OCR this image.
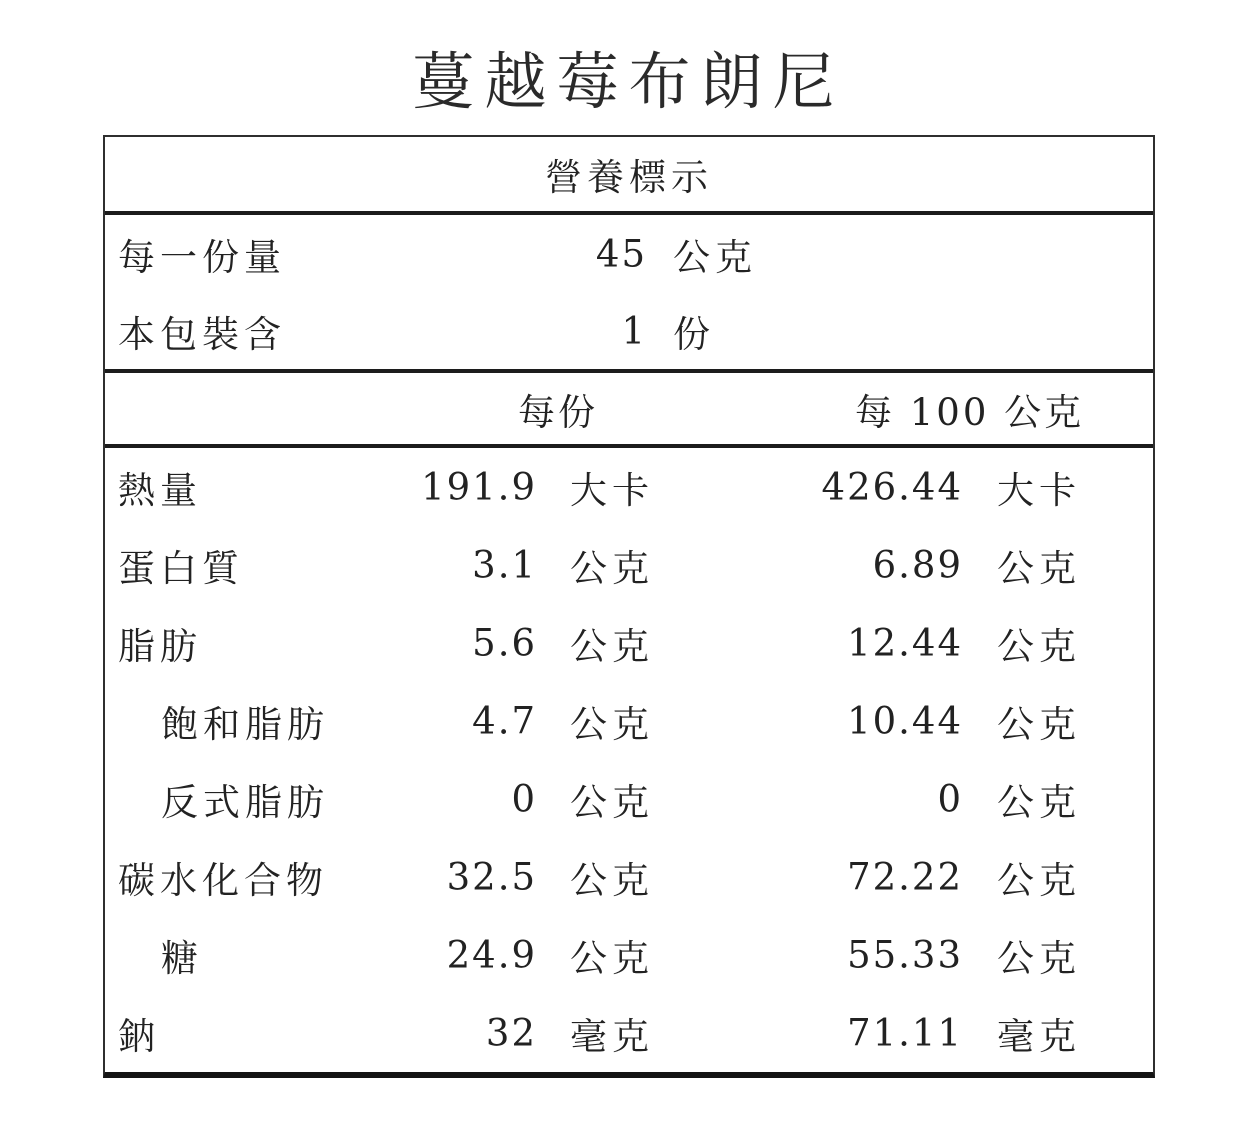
蔓越莓布朗尼
營養標示
每一份量	45 公克
本包裝含	1 份
每份	每 100 公克
熱量	191.9 大卡	426.44 大卡
蛋白質	3.1 公克	6.89 公克
脂肪	5.6 公克	12.44 公克
飽和脂肪	4.7 公克	10.44 公克
反式脂肪	0 公克	0 公克
碳水化合物	32.5 公克	72.22 公克
糖	24.9 公克	55.33 公克
鈉	32 毫克	71.11 毫克
